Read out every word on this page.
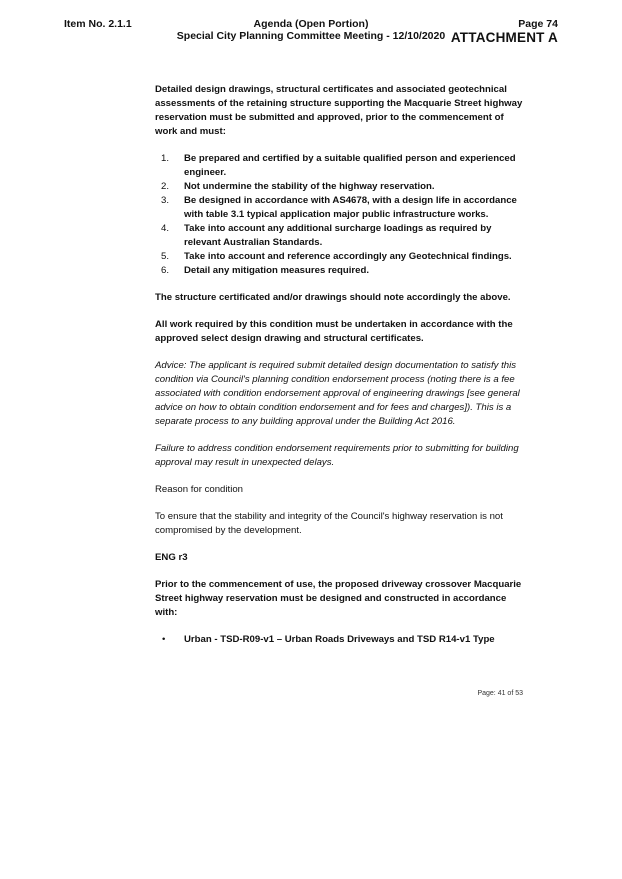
Item No. 2.1.1	Agenda (Open Portion)
Special City Planning Committee Meeting - 12/10/2020
Page 74
ATTACHMENT A

Detailed design drawings, structural certificates and associated geotechnical assessments of the retaining structure supporting the Macquarie Street highway reservation must be submitted and approved, prior to the commencement of work and must:

1. Be prepared and certified by a suitable qualified person and experienced engineer.
2. Not undermine the stability of the highway reservation.
3. Be designed in accordance with AS4678, with a design life in accordance with table 3.1 typical application major public infrastructure works.
4. Take into account any additional surcharge loadings as required by relevant Australian Standards.
5. Take into account and reference accordingly any Geotechnical findings.
6. Detail any mitigation measures required.

The structure certificated and/or drawings should note accordingly the above.

All work required by this condition must be undertaken in accordance with the approved select design drawing and structural certificates.

Advice: The applicant is required submit detailed design documentation to satisfy this condition via Council's planning condition endorsement process (noting there is a fee associated with condition endorsement approval of engineering drawings [see general advice on how to obtain condition endorsement and for fees and charges]). This is a separate process to any building approval under the Building Act 2016.

Failure to address condition endorsement requirements prior to submitting for building approval may result in unexpected delays.

Reason for condition

To ensure that the stability and integrity of the Council's highway reservation is not compromised by the development.

ENG r3

Prior to the commencement of use, the proposed driveway crossover Macquarie Street highway reservation must be designed and constructed in accordance with:

• Urban - TSD-R09-v1 – Urban Roads Driveways and TSD R14-v1 Type
Page: 41 of 53
